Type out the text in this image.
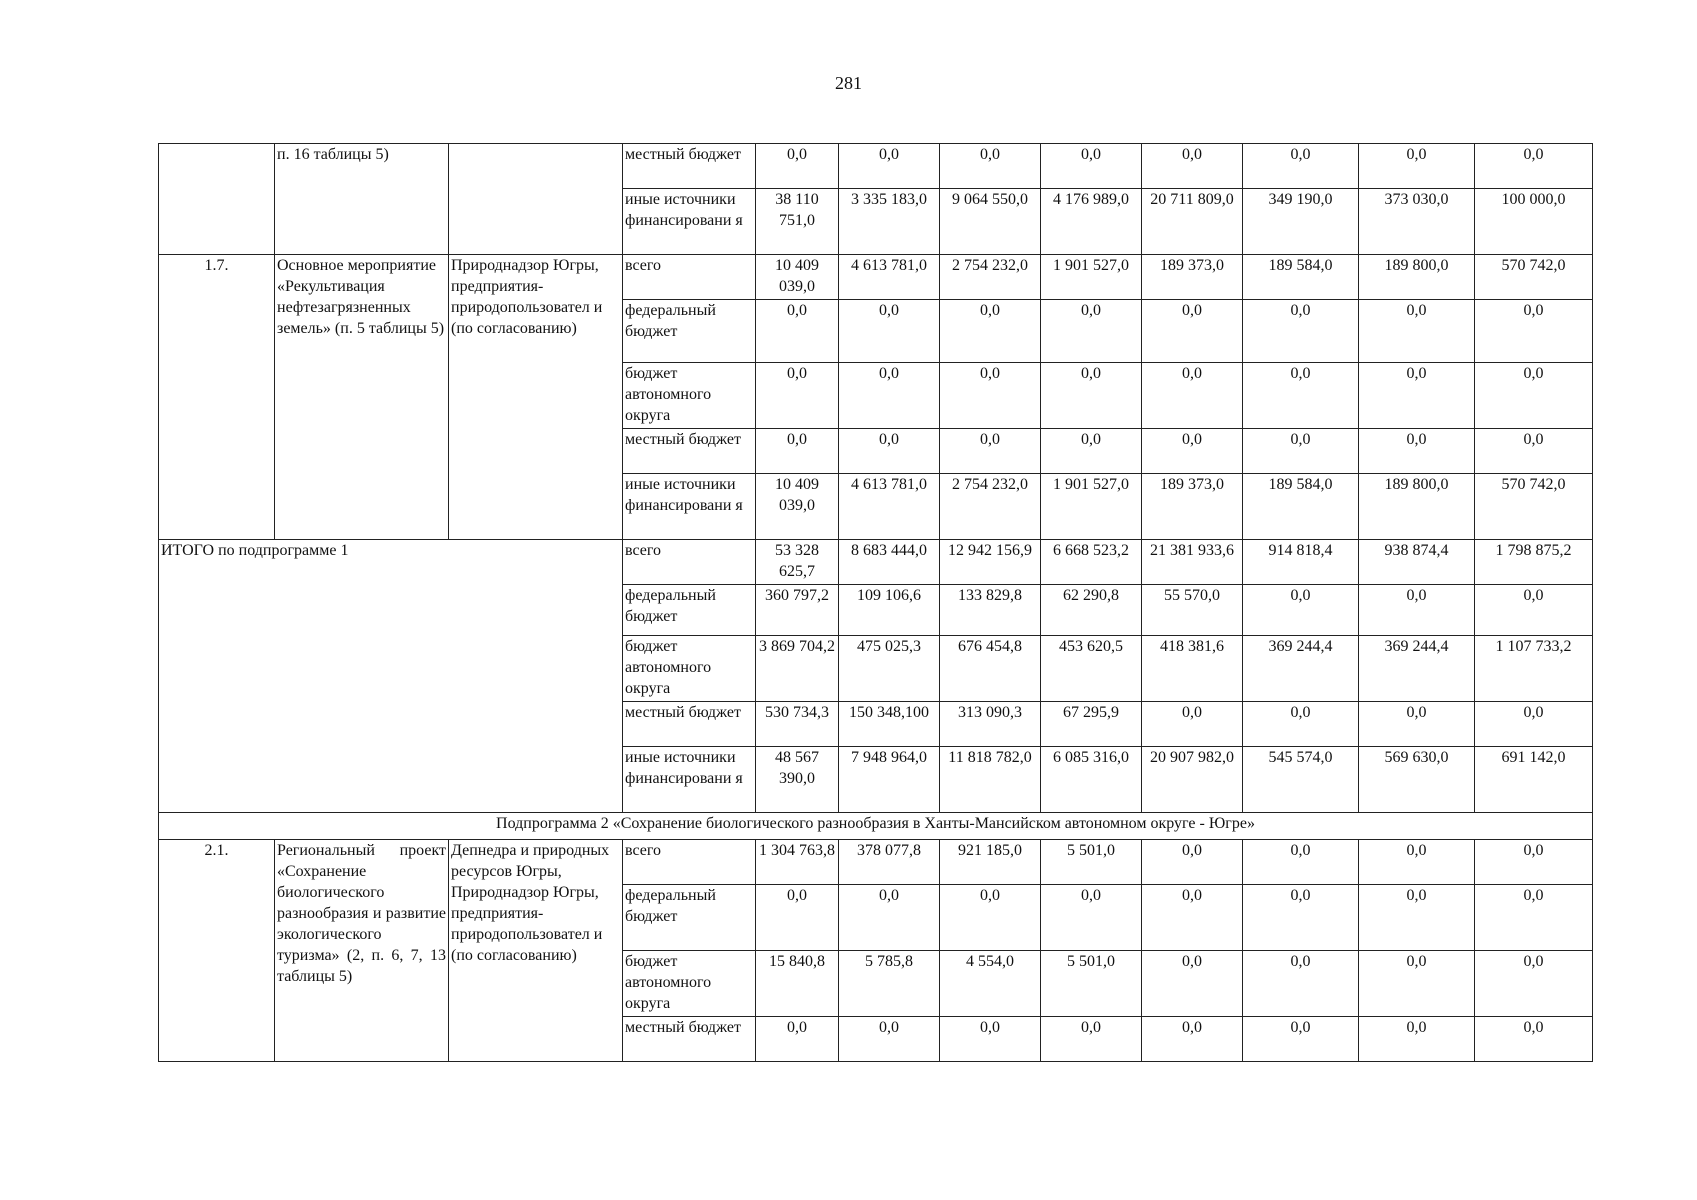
281
	п. 16 таблицы 5)		местный бюджет	0,0	0,0	0,0	0,0	0,0	0,0	0,0	0,0
			иные источники финансировани я	38 110 751,0	3 335 183,0	9 064 550,0	4 176 989,0	20 711 809,0	349 190,0	373 030,0	100 000,0
1.7.	Основное мероприятие «Рекультивация нефтезагрязненных земель» (п. 5 таблицы 5)	Природнадзор Югры, предприятия-природопользовател и (по согласованию)	всего	10 409 039,0	4 613 781,0	2 754 232,0	1 901 527,0	189 373,0	189 584,0	189 800,0	570 742,0
			федеральный бюджет	0,0	0,0	0,0	0,0	0,0	0,0	0,0	0,0
			бюджет автономного округа	0,0	0,0	0,0	0,0	0,0	0,0	0,0	0,0
			местный бюджет	0,0	0,0	0,0	0,0	0,0	0,0	0,0	0,0
			иные источники финансировани я	10 409 039,0	4 613 781,0	2 754 232,0	1 901 527,0	189 373,0	189 584,0	189 800,0	570 742,0
ИТОГО по подпрограмме 1			всего	53 328 625,7	8 683 444,0	12 942 156,9	6 668 523,2	21 381 933,6	914 818,4	938 874,4	1 798 875,2
			федеральный бюджет	360 797,2	109 106,6	133 829,8	62 290,8	55 570,0	0,0	0,0	0,0
			бюджет автономного округа	3 869 704,2	475 025,3	676 454,8	453 620,5	418 381,6	369 244,4	369 244,4	1 107 733,2
			местный бюджет	530 734,3	150 348,100	313 090,3	67 295,9	0,0	0,0	0,0	0,0
			иные источники финансировани я	48 567 390,0	7 948 964,0	11 818 782,0	6 085 316,0	20 907 982,0	545 574,0	569 630,0	691 142,0
Подпрограмма 2 «Сохранение биологического разнообразия в Ханты-Мансийском автономном округе - Югре»											
2.1.	Региональный проект «Сохранение биологического разнообразия и развитие экологического туризма» (2, п. 6, 7, 13 таблицы 5)	Депнедра и природных ресурсов Югры, Природнадзор Югры, предприятия-природопользовател и (по согласованию)	всего	1 304 763,8	378 077,8	921 185,0	5 501,0	0,0	0,0	0,0	0,0
			федеральный бюджет	0,0	0,0	0,0	0,0	0,0	0,0	0,0	0,0
			бюджет автономного округа	15 840,8	5 785,8	4 554,0	5 501,0	0,0	0,0	0,0	0,0
			местный бюджет	0,0	0,0	0,0	0,0	0,0	0,0	0,0	0,0
